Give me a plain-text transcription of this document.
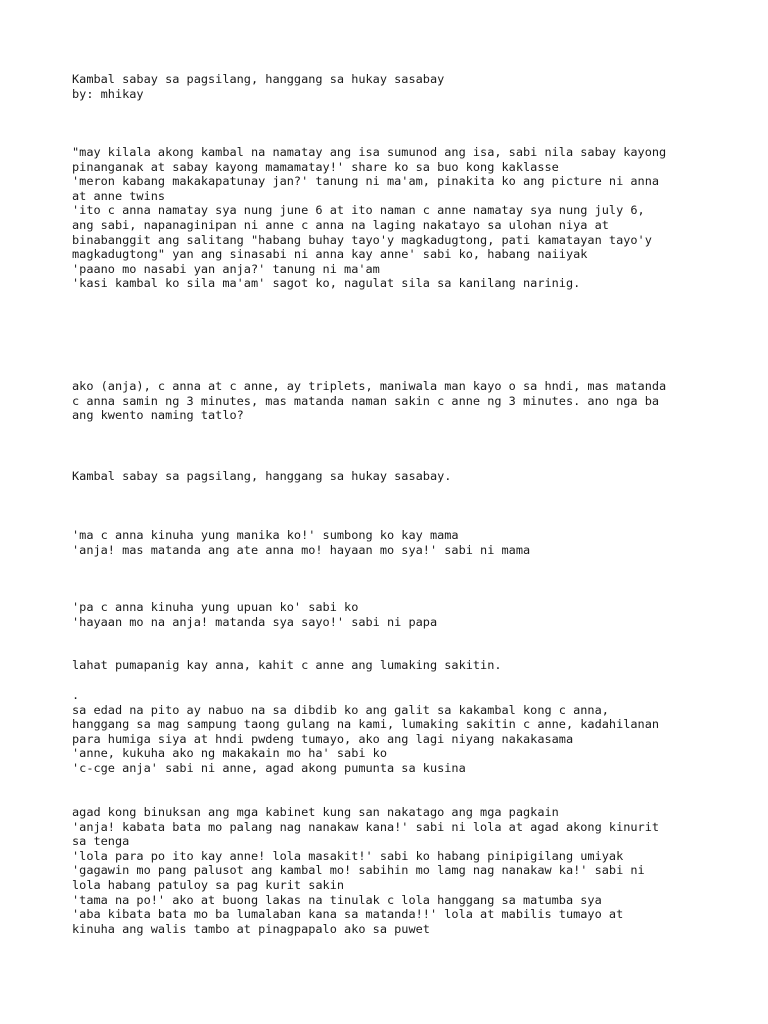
Kambal sabay sa pagsilang, hanggang sa hukay sasabay
by: mhikay

"may kilala akong kambal na namatay ang isa sumunod ang isa, sabi nila sabay kayong
pinanganak at sabay kayong mamamatay!' share ko sa buo kong kaklasse
'meron kabang makakapatunay jan?' tanung ni ma'am, pinakita ko ang picture ni anna
at anne twins
'ito c anna namatay sya nung june 6 at ito naman c anne namatay sya nung july 6,
ang sabi, napanaginipan ni anne c anna na laging nakatayo sa ulohan niya at
binabanggit ang salitang "habang buhay tayo'y magkadugtong, pati kamatayan tayo'y
magkadugtong" yan ang sinasabi ni anna kay anne' sabi ko, habang naiiyak
'paano mo nasabi yan anja?' tanung ni ma'am
'kasi kambal ko sila ma'am' sagot ko, nagulat sila sa kanilang narinig.

ako (anja), c anna at c anne, ay triplets, maniwala man kayo o sa hndi, mas matanda
c anna samin ng 3 minutes, mas matanda naman sakin c anne ng 3 minutes. ano nga ba
ang kwento naming tatlo?

Kambal sabay sa pagsilang, hanggang sa hukay sasabay.

'ma c anna kinuha yung manika ko!' sumbong ko kay mama
'anja! mas matanda ang ate anna mo! hayaan mo sya!' sabi ni mama

'pa c anna kinuha yung upuan ko' sabi ko
'hayaan mo na anja! matanda sya sayo!' sabi ni papa

lahat pumapanig kay anna, kahit c anne ang lumaking sakitin.

.
sa edad na pito ay nabuo na sa dibdib ko ang galit sa kakambal kong c anna,
hanggang sa mag sampung taong gulang na kami, lumaking sakitin c anne, kadahilanan
para humiga siya at hndi pwdeng tumayo, ako ang lagi niyang nakakasama
'anne, kukuha ako ng makakain mo ha' sabi ko
'c-cge anja' sabi ni anne, agad akong pumunta sa kusina

agad kong binuksan ang mga kabinet kung san nakatago ang mga pagkain
'anja! kabata bata mo palang nag nanakaw kana!' sabi ni lola at agad akong kinurit
sa tenga
'lola para po ito kay anne! lola masakit!' sabi ko habang pinipigilang umiyak
'gagawin mo pang palusot ang kambal mo! sabihin mo lamg nag nanakaw ka!' sabi ni
lola habang patuloy sa pag kurit sakin
'tama na po!' ako at buong lakas na tinulak c lola hanggang sa matumba sya
'aba kibata bata mo ba lumalaban kana sa matanda!!' lola at mabilis tumayo at
kinuha ang walis tambo at pinagpapalo ako sa puwet
